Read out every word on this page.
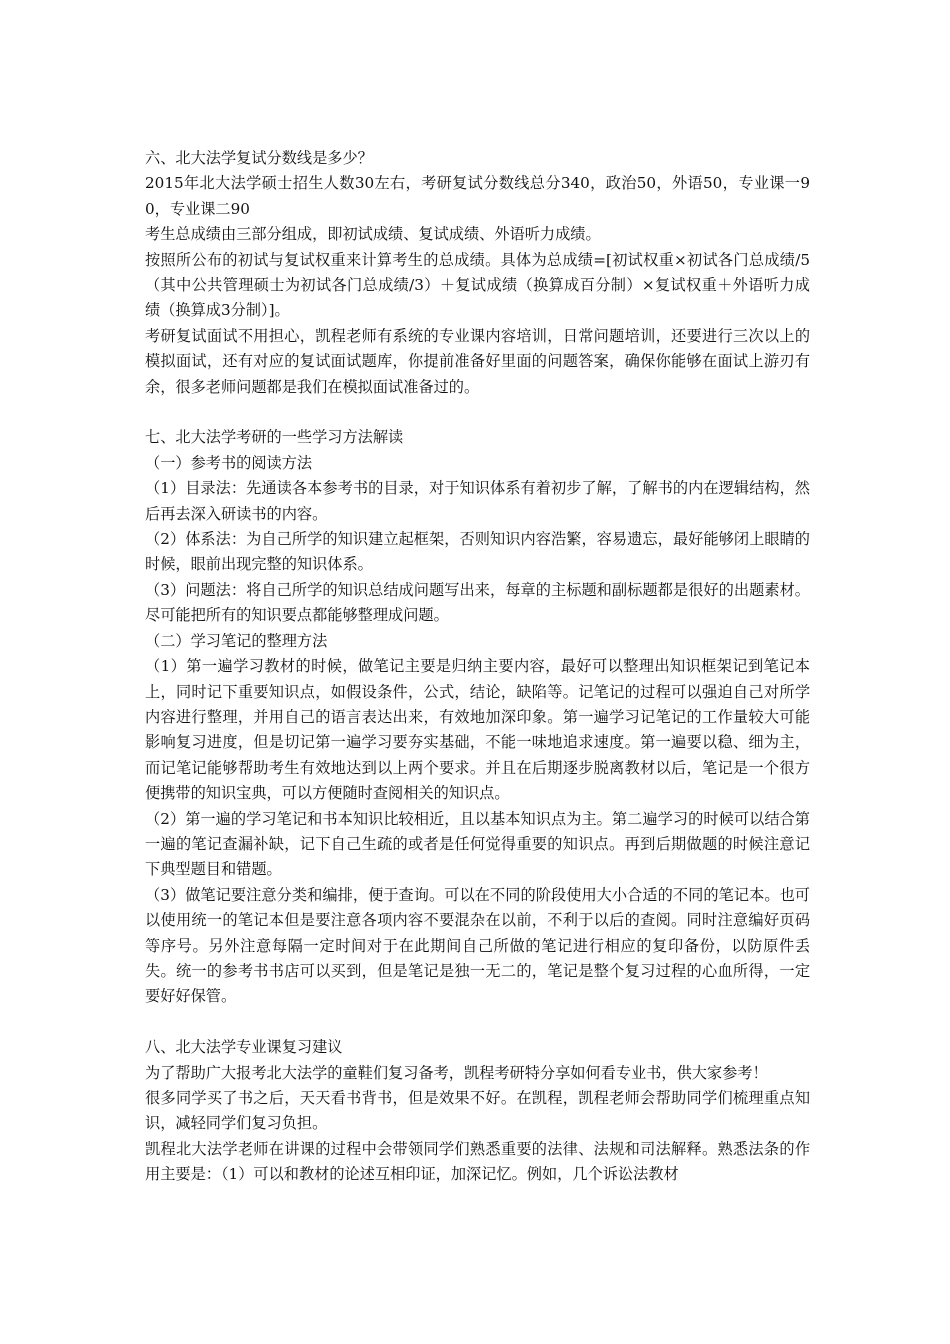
六、北大法学复试分数线是多少？

2015年北大法学硕士招生人数30左右，考研复试分数线总分340，政治50，外语50，专业课一90，专业课二90

考生总成绩由三部分组成，即初试成绩、复试成绩、外语听力成绩。

按照所公布的初试与复试权重来计算考生的总成绩。具体为总成绩=[初试权重×初试各门总成绩/5（其中公共管理硕士为初试各门总成绩/3）＋复试成绩（换算成百分制）×复试权重＋外语听力成绩（换算成3分制）]。

考研复试面试不用担心，凯程老师有系统的专业课内容培训，日常问题培训，还要进行三次以上的模拟面试，还有对应的复试面试题库，你提前准备好里面的问题答案，确保你能够在面试上游刃有余，很多老师问题都是我们在模拟面试准备过的。

七、北大法学考研的一些学习方法解读

（一）参考书的阅读方法

（1）目录法：先通读各本参考书的目录，对于知识体系有着初步了解，了解书的内在逻辑结构，然后再去深入研读书的内容。

（2）体系法：为自己所学的知识建立起框架，否则知识内容浩繁，容易遗忘，最好能够闭上眼睛的时候，眼前出现完整的知识体系。

（3）问题法：将自己所学的知识总结成问题写出来，每章的主标题和副标题都是很好的出题素材。尽可能把所有的知识要点都能够整理成问题。

（二）学习笔记的整理方法

（1）第一遍学习教材的时候，做笔记主要是归纳主要内容，最好可以整理出知识框架记到笔记本上，同时记下重要知识点，如假设条件，公式，结论，缺陷等。记笔记的过程可以强迫自己对所学内容进行整理，并用自己的语言表达出来，有效地加深印象。第一遍学习记笔记的工作量较大可能影响复习进度，但是切记第一遍学习要夯实基础，不能一味地追求速度。第一遍要以稳、细为主，而记笔记能够帮助考生有效地达到以上两个要求。并且在后期逐步脱离教材以后，笔记是一个很方便携带的知识宝典，可以方便随时查阅相关的知识点。

（2）第一遍的学习笔记和书本知识比较相近，且以基本知识点为主。第二遍学习的时候可以结合第一遍的笔记查漏补缺，记下自己生疏的或者是任何觉得重要的知识点。再到后期做题的时候注意记下典型题目和错题。

（3）做笔记要注意分类和编排，便于查询。可以在不同的阶段使用大小合适的不同的笔记本。也可以使用统一的笔记本但是要注意各项内容不要混杂在以前，不利于以后的查阅。同时注意编好页码等序号。另外注意每隔一定时间对于在此期间自己所做的笔记进行相应的复印备份，以防原件丢失。统一的参考书书店可以买到，但是笔记是独一无二的，笔记是整个复习过程的心血所得，一定要好好保管。

八、北大法学专业课复习建议

为了帮助广大报考北大法学的童鞋们复习备考，凯程考研特分享如何看专业书，供大家参考！

很多同学买了书之后，天天看书背书，但是效果不好。在凯程，凯程老师会帮助同学们梳理重点知识，减轻同学们复习负担。

凯程北大法学老师在讲课的过程中会带领同学们熟悉重要的法律、法规和司法解释。熟悉法条的作用主要是：（1）可以和教材的论述互相印证，加深记忆。例如，几个诉讼法教材
